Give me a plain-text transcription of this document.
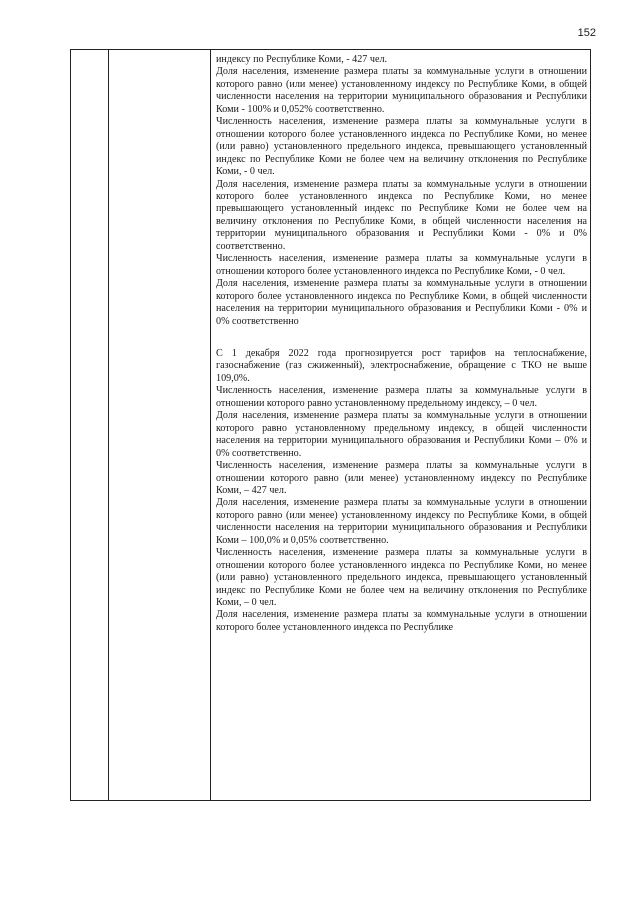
152

индексу по Республике Коми, - 427 чел.

Доля населения, изменение размера платы за коммунальные услуги в отношении которого равно (или менее) установленному индексу по Республике Коми, в общей численности населения на территории муниципального образования и Республики Коми - 100% и 0,052% соответственно.

Численность населения, изменение размера платы за коммунальные услуги в отношении которого более установленного индекса по Республике Коми, но менее (или равно) установленного предельного индекса, превышающего установленный индекс по Республике Коми не более чем на величину отклонения по Республике Коми, - 0 чел.

Доля населения, изменение размера платы за коммунальные услуги в отношении которого более установленного индекса по Республике Коми, но менее превышающего установленный индекс по Республике Коми не более чем на величину отклонения по Республике Коми, в общей численности населения на территории муниципального образования и Республики Коми - 0% и 0% соответственно.

Численность населения, изменение размера платы за коммунальные услуги в отношении которого более установленного индекса по Республике Коми, - 0 чел.

Доля населения, изменение размера платы за коммунальные услуги в отношении которого более установленного индекса по Республике Коми, в общей численности населения на территории муниципального образования и Республики Коми - 0% и 0% соответственно

С 1 декабря 2022 года прогнозируется рост тарифов на теплоснабжение, газоснабжение (газ сжиженный), электроснабжение, обращение с ТКО не выше 109,0%.

Численность населения, изменение размера платы за коммунальные услуги в отношении которого равно установленному предельному индексу, – 0 чел.

Доля населения, изменение размера платы за коммунальные услуги в отношении которого равно установленному предельному индексу, в общей численности населения на территории муниципального образования и Республики Коми – 0% и 0% соответственно.

Численность населения, изменение размера платы за коммунальные услуги в отношении которого равно (или менее) установленному индексу по Республике Коми, – 427 чел.

Доля населения, изменение размера платы за коммунальные услуги в отношении которого равно (или менее) установленному индексу по Республике Коми, в общей численности населения на территории муниципального образования и Республики Коми – 100,0% и 0,05% соответственно.

Численность населения, изменение размера платы за коммунальные услуги в отношении которого более установленного индекса по Республике Коми, но менее (или равно) установленного предельного индекса, превышающего установленный индекс по Республике Коми не более чем на величину отклонения по Республике Коми, – 0 чел.

Доля населения, изменение размера платы за коммунальные услуги в отношении которого более установленного индекса по Республике
